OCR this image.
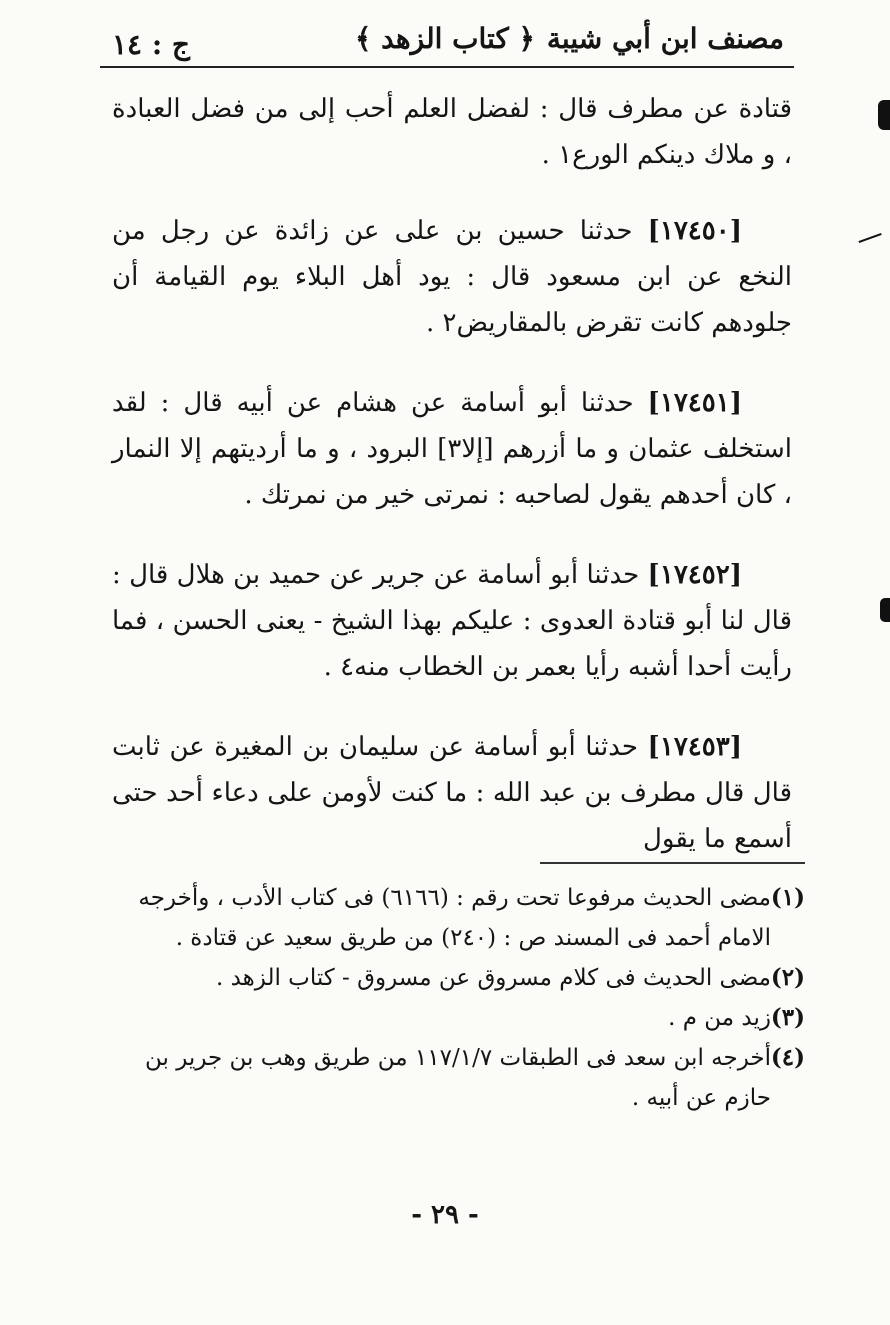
مصنف ابن أبي شيبة
﴿ كتاب الزهد ﴾
ج : ١٤

قتادة عن مطرف قال : لفضل العلم أحب إلى من فضل العبادة ، و ملاك دينكم الورع١ .

[١٧٤٥٠] حدثنا حسين بن على عن زائدة عن رجل من النخع عن ابن مسعود قال : يود أهل البلاء يوم القيامة أن جلودهم كانت تقرض بالمقاريض٢ .

[١٧٤٥١] حدثنا أبو أسامة عن هشام عن أبيه قال : لقد استخلف عثمان و ما أزرهم [إلا٣] البرود ، و ما أرديتهم إلا النمار ، كان أحدهم يقول لصاحبه : نمرتى خير من نمرتك .

[١٧٤٥٢] حدثنا أبو أسامة عن جرير عن حميد بن هلال قال : قال لنا أبو قتادة العدوى : عليكم بهذا الشيخ - يعنى الحسن ، فما رأيت أحدا أشبه رأيا بعمر بن الخطاب منه٤ .

[١٧٤٥٣] حدثنا أبو أسامة عن سليمان بن المغيرة عن ثابت قال قال مطرف بن عبد الله : ما كنت لأومن على دعاء أحد حتى أسمع ما يقول

(١)
مضى الحديث مرفوعا تحت رقم : (٦١٦٦) فى كتاب الأدب ، وأخرجه الامام أحمد فى المسند ص : (٢٤٠) من طريق سعيد عن قتادة .

(٢)
مضى الحديث فى كلام مسروق عن مسروق - كتاب الزهد .

(٣)
زيد من م .

(٤)
أخرجه ابن سعد فى الطبقات ١١٧/١/٧ من طريق وهب بن جرير بن حازم عن أبيه .

- ٢٩ -
